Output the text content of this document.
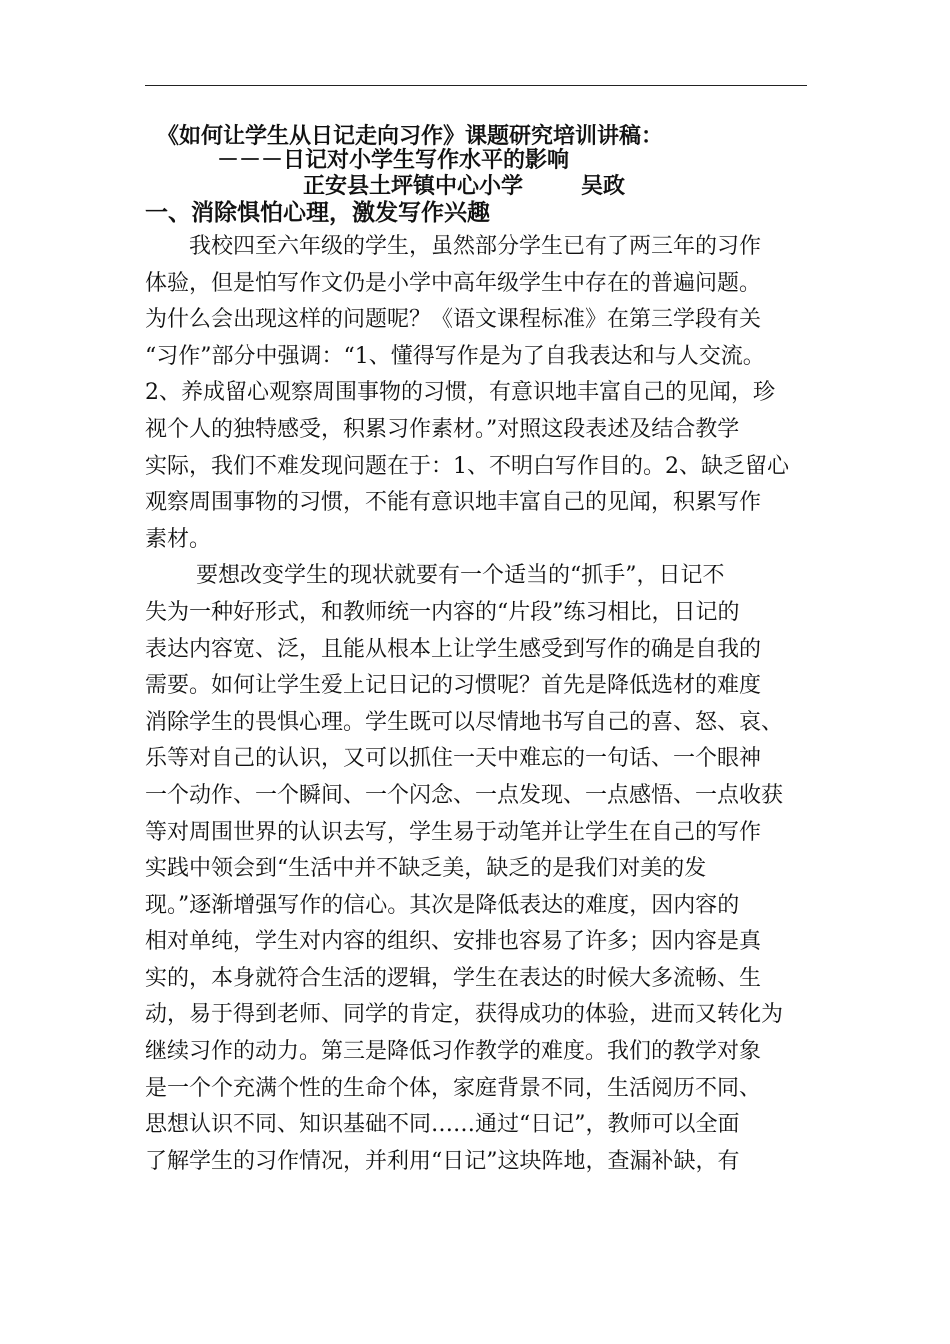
《如何让学生从日记走向习作》课题研究培训讲稿：
－－－日记对小学生写作水平的影响
正安县土坪镇中心小学	吴政
一、消除惧怕心理，激发写作兴趣
　　我校四至六年级的学生，虽然部分学生已有了两三年的习作
体验，但是怕写作文仍是小学中高年级学生中存在的普遍问题。
为什么会出现这样的问题呢？《语文课程标准》在第三学段有关
“习作”部分中强调：“1、懂得写作是为了自我表达和与人交流。
2、养成留心观察周围事物的习惯，有意识地丰富自己的见闻，珍
视个人的独特感受，积累习作素材。”对照这段表述及结合教学
实际，我们不难发现问题在于：1、不明白写作目的。2、缺乏留心
观察周围事物的习惯，不能有意识地丰富自己的见闻，积累写作
素材。
　　 要想改变学生的现状就要有一个适当的“抓手”，日记不
失为一种好形式，和教师统一内容的“片段”练习相比，日记的
表达内容宽、泛，且能从根本上让学生感受到写作的确是自我的
需要。如何让学生爱上记日记的习惯呢？首先是降低选材的难度
消除学生的畏惧心理。学生既可以尽情地书写自己的喜、怒、哀、
乐等对自己的认识，又可以抓住一天中难忘的一句话、一个眼神
一个动作、一个瞬间、一个闪念、一点发现、一点感悟、一点收获
等对周围世界的认识去写，学生易于动笔并让学生在自己的写作
实践中领会到“生活中并不缺乏美，缺乏的是我们对美的发
现。”逐渐增强写作的信心。其次是降低表达的难度，因内容的
相对单纯，学生对内容的组织、安排也容易了许多；因内容是真
实的，本身就符合生活的逻辑，学生在表达的时候大多流畅、生
动，易于得到老师、同学的肯定，获得成功的体验，进而又转化为
继续习作的动力。第三是降低习作教学的难度。我们的教学对象
是一个个充满个性的生命个体，家庭背景不同，生活阅历不同、
思想认识不同、知识基础不同……通过“日记”，教师可以全面
了解学生的习作情况，并利用“日记”这块阵地，查漏补缺，有
